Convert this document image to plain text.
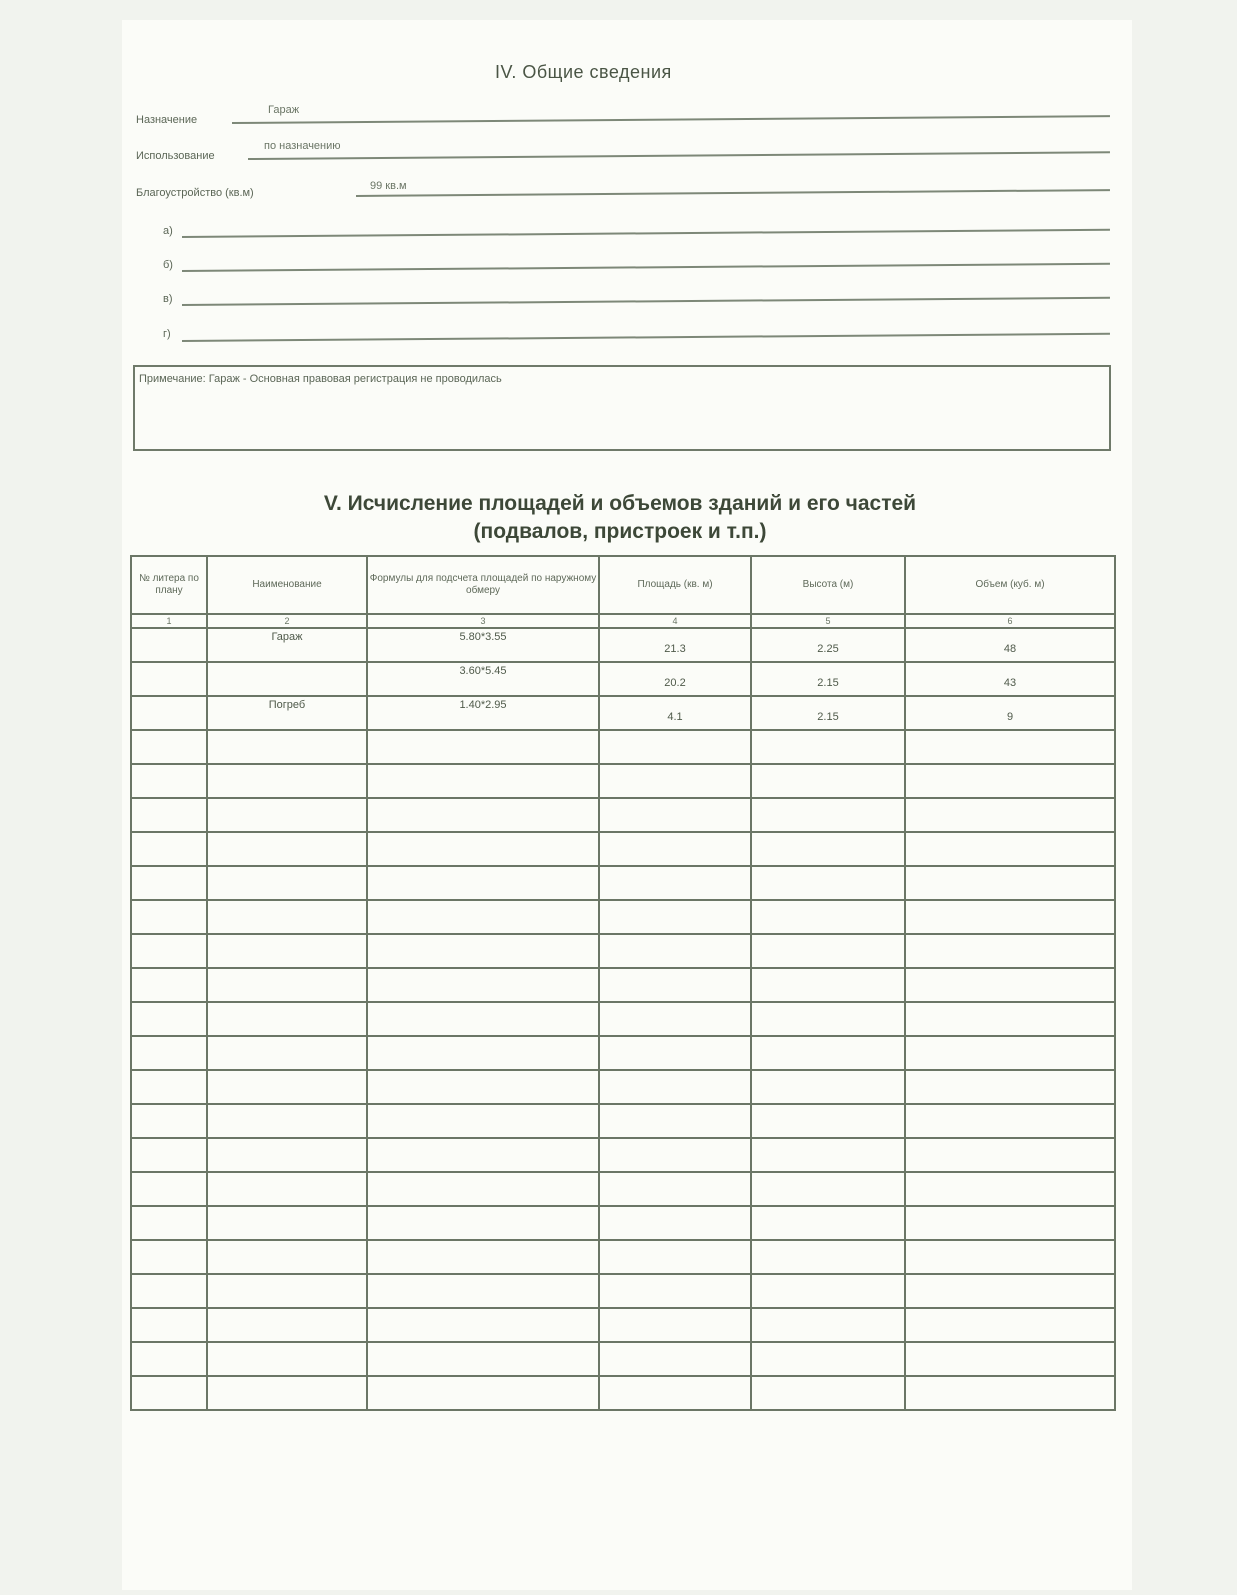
IV. Общие сведения
Назначение
Гараж
Использование
по назначению
Благоустройство (кв.м)
99 кв.м
а)
б)
в)
г)
Примечание: Гараж - Основная правовая регистрация не проводилась
V. Исчисление площадей и объемов зданий и его частей
(подвалов, пристроек и т.п.)
№ литера по плану	Наименование	Формулы для подсчета площадей по наружному обмеру	Площадь (кв. м)	Высота (м)	Объем (куб. м)
1	2	3	4	5	6

	Гараж	5.80*3.55	21.3	2.25	48

		3.60*5.45	20.2	2.15	43

	Погреб	1.40*2.95	4.1	2.15	9
